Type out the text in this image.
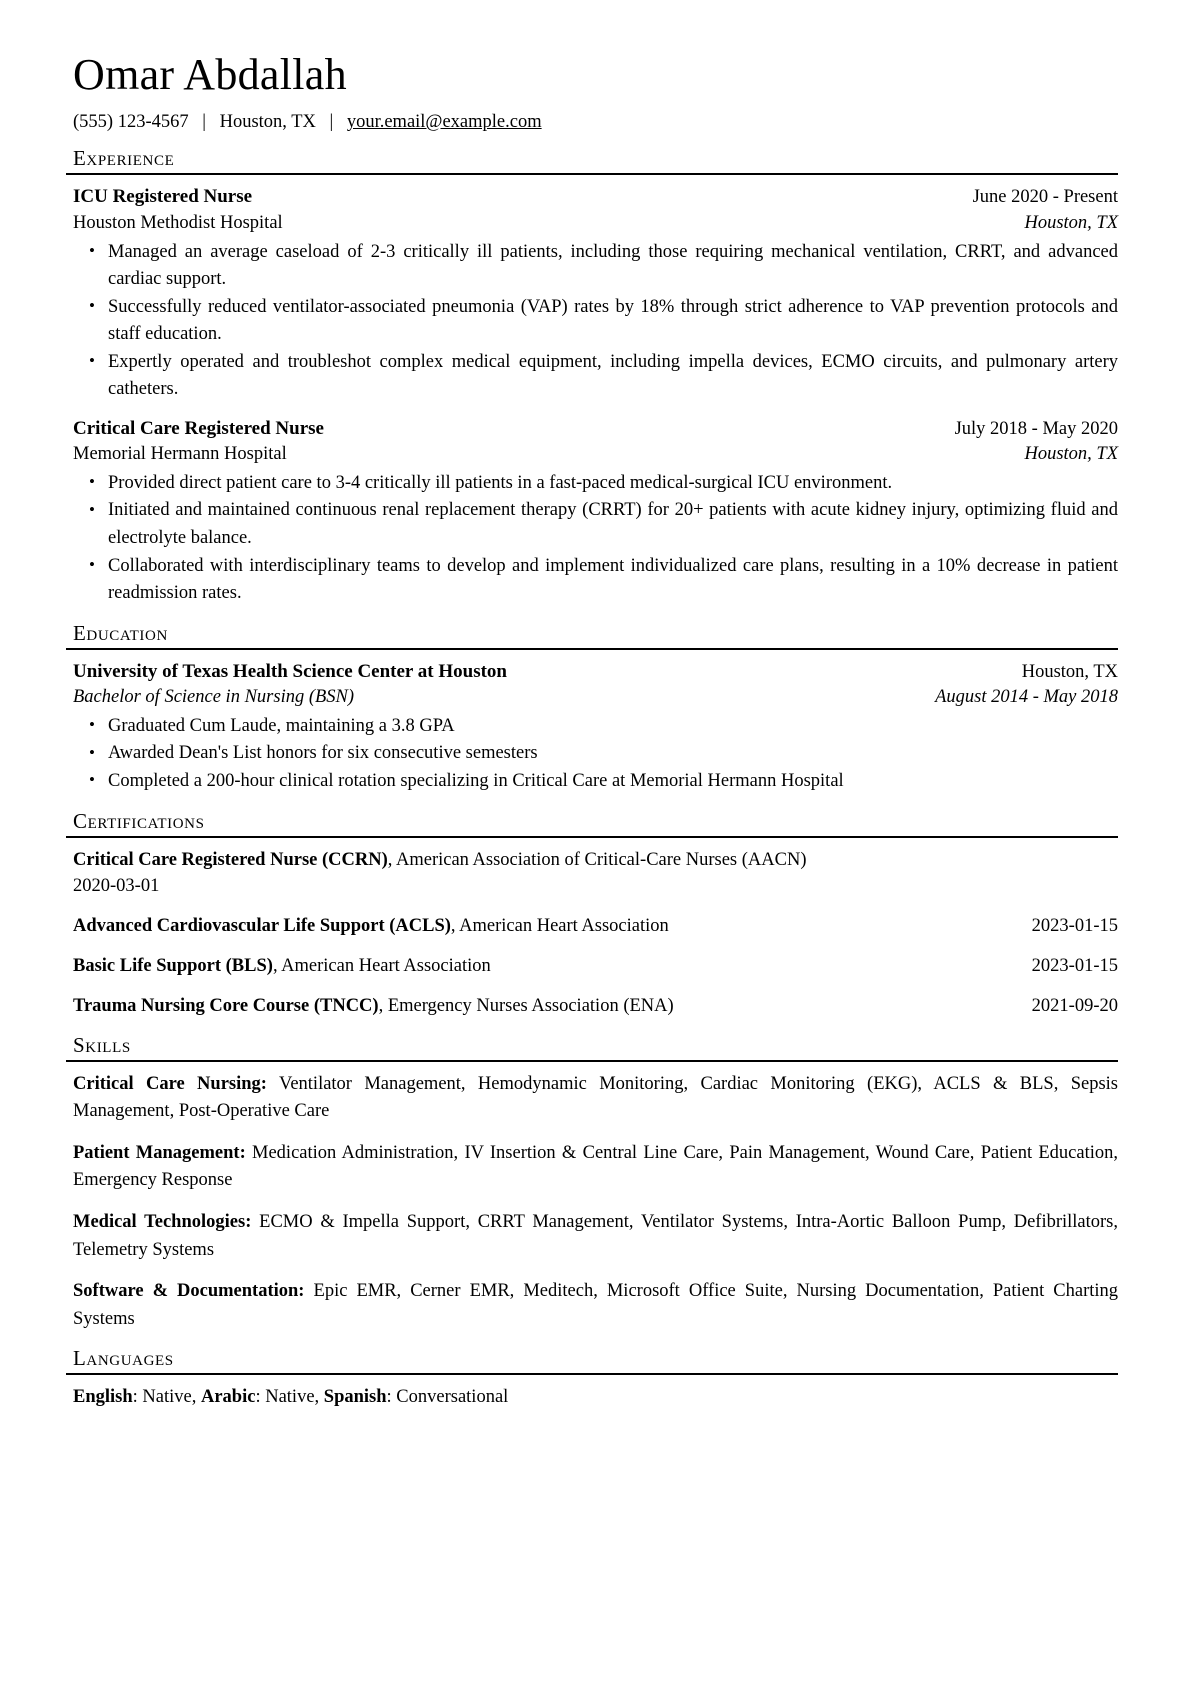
Omar Abdallah
(555) 123-4567 | Houston, TX | your.email@example.com
Experience
ICU Registered Nurse	June 2020 - Present
Houston Methodist Hospital	Houston, TX
• Managed an average caseload of 2-3 critically ill patients, including those requiring mechanical ventilation, CRRT, and advanced cardiac support.
• Successfully reduced ventilator-associated pneumonia (VAP) rates by 18% through strict adherence to VAP prevention protocols and staff education.
• Expertly operated and troubleshot complex medical equipment, including impella devices, ECMO circuits, and pulmonary artery catheters.
Critical Care Registered Nurse	July 2018 - May 2020
Memorial Hermann Hospital	Houston, TX
• Provided direct patient care to 3-4 critically ill patients in a fast-paced medical-surgical ICU environment.
• Initiated and maintained continuous renal replacement therapy (CRRT) for 20+ patients with acute kidney injury, optimizing fluid and electrolyte balance.
• Collaborated with interdisciplinary teams to develop and implement individualized care plans, resulting in a 10% decrease in patient readmission rates.
Education
University of Texas Health Science Center at Houston	Houston, TX
Bachelor of Science in Nursing (BSN)	August 2014 - May 2018
• Graduated Cum Laude, maintaining a 3.8 GPA
• Awarded Dean's List honors for six consecutive semesters
• Completed a 200-hour clinical rotation specializing in Critical Care at Memorial Hermann Hospital
Certifications
Critical Care Registered Nurse (CCRN), American Association of Critical-Care Nurses (AACN)
2020-03-01
Advanced Cardiovascular Life Support (ACLS), American Heart Association	2023-01-15
Basic Life Support (BLS), American Heart Association	2023-01-15
Trauma Nursing Core Course (TNCC), Emergency Nurses Association (ENA)	2021-09-20
Skills
Critical Care Nursing: Ventilator Management, Hemodynamic Monitoring, Cardiac Monitoring (EKG), ACLS & BLS, Sepsis Management, Post-Operative Care
Patient Management: Medication Administration, IV Insertion & Central Line Care, Pain Management, Wound Care, Patient Education, Emergency Response
Medical Technologies: ECMO & Impella Support, CRRT Management, Ventilator Systems, Intra-Aortic Balloon Pump, Defibrillators, Telemetry Systems
Software & Documentation: Epic EMR, Cerner EMR, Meditech, Microsoft Office Suite, Nursing Documentation, Patient Charting Systems
Languages
English: Native, Arabic: Native, Spanish: Conversational
